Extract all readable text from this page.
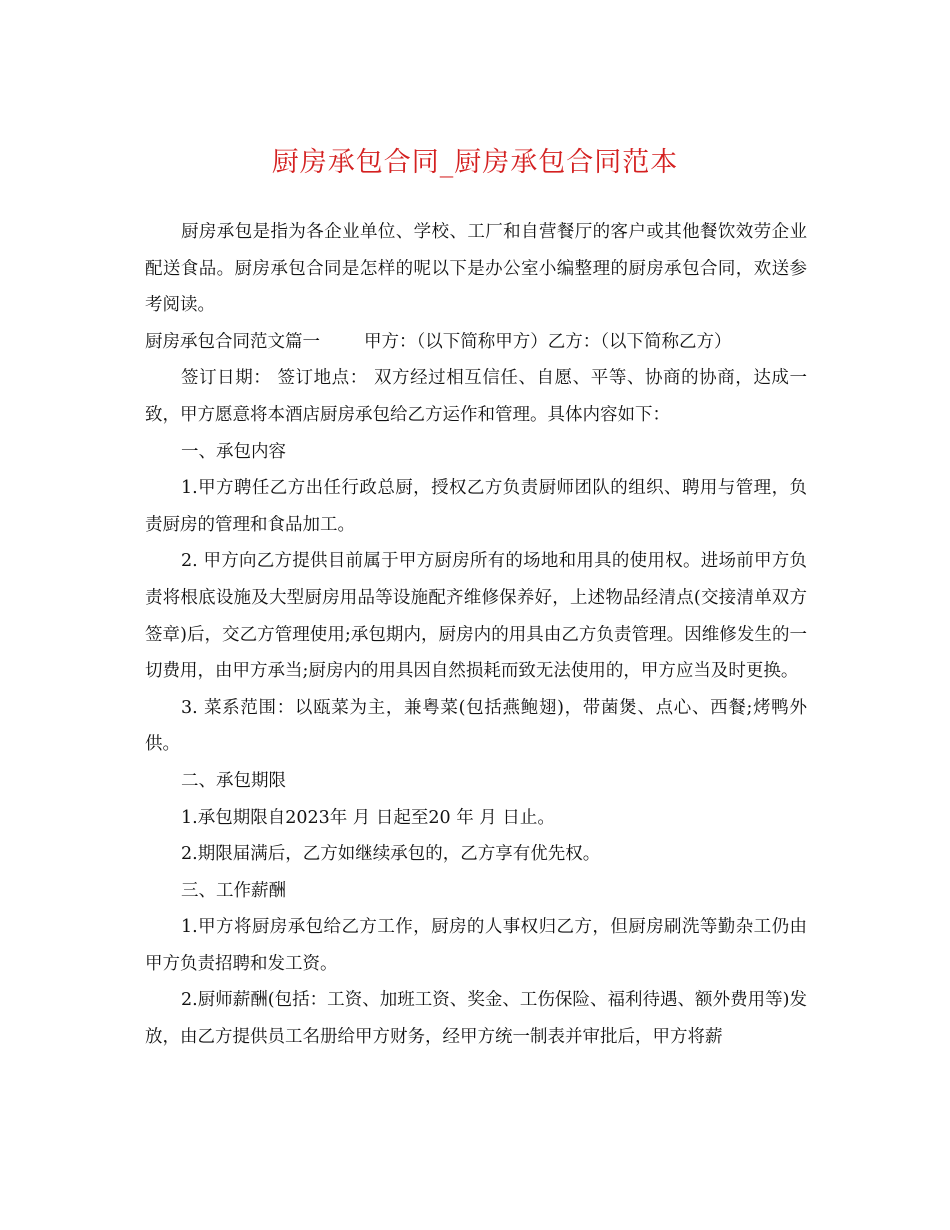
厨房承包合同_厨房承包合同范本

厨房承包是指为各企业单位、学校、工厂和自营餐厅的客户或其他餐饮效劳企业配送食品。厨房承包合同是怎样的呢以下是办公室小编整理的厨房承包合同，欢送参考阅读。

厨房承包合同范文篇一	甲方：（以下简称甲方）乙方：（以下简称乙方）

签订日期： 签订地点： 双方经过相互信任、自愿、平等、协商的协商，达成一致，甲方愿意将本酒店厨房承包给乙方运作和管理。具体内容如下：

一、承包内容

1.甲方聘任乙方出任行政总厨，授权乙方负责厨师团队的组织、聘用与管理，负责厨房的管理和食品加工。

2. 甲方向乙方提供目前属于甲方厨房所有的场地和用具的使用权。进场前甲方负责将根底设施及大型厨房用品等设施配齐维修保养好，上述物品经清点(交接清单双方签章)后，交乙方管理使用;承包期内，厨房内的用具由乙方负责管理。因维修发生的一切费用，由甲方承当;厨房内的用具因自然损耗而致无法使用的，甲方应当及时更换。

3. 菜系范围：以瓯菜为主，兼粤菜(包括燕鲍翅)，带菌煲、点心、西餐;烤鸭外供。

二、承包期限

1.承包期限自2023年 月 日起至20 年 月 日止。

2.期限届满后，乙方如继续承包的，乙方享有优先权。

三、工作薪酬

1.甲方将厨房承包给乙方工作，厨房的人事权归乙方，但厨房刷洗等勤杂工仍由甲方负责招聘和发工资。

2.厨师薪酬(包括：工资、加班工资、奖金、工伤保险、福利待遇、额外费用等)发放，由乙方提供员工名册给甲方财务，经甲方统一制表并审批后，甲方将薪
